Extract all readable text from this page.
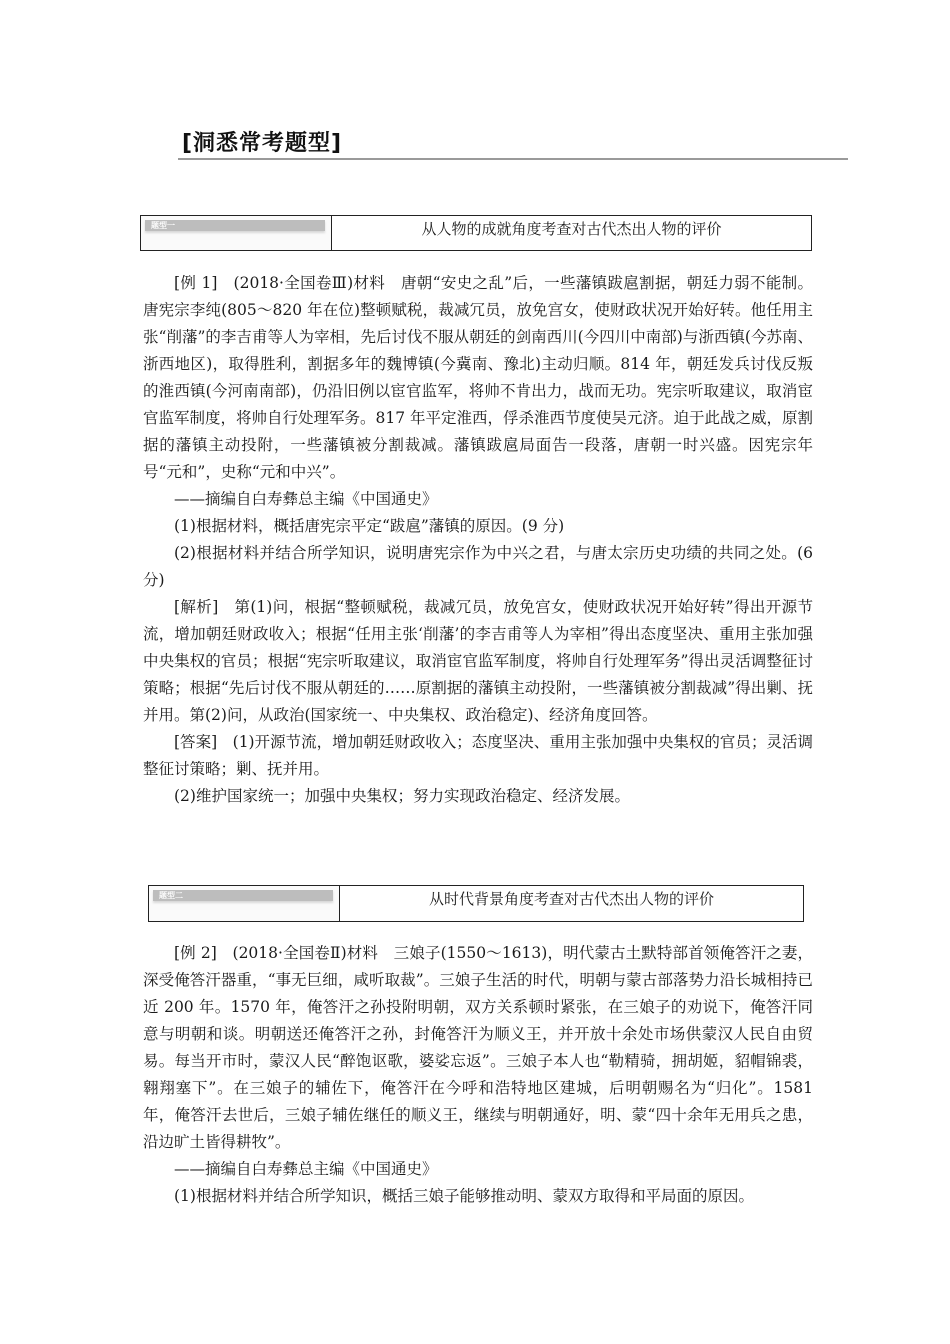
[洞悉常考题型]
题型一	从人物的成就角度考查对古代杰出人物的评价

[例 1]　(2018·全国卷Ⅲ)材料　唐朝“安史之乱”后，一些藩镇跋扈割据，朝廷力弱不能制。唐宪宗李纯(805～820 年在位)整顿赋税，裁减冗员，放免宫女，使财政状况开始好转。他任用主张“削藩”的李吉甫等人为宰相，先后讨伐不服从朝廷的剑南西川(今四川中南部)与浙西镇(今苏南、浙西地区)，取得胜利，割据多年的魏博镇(今冀南、豫北)主动归顺。814 年，朝廷发兵讨伐反叛的淮西镇(今河南南部)，仍沿旧例以宦官监军，将帅不肯出力，战而无功。宪宗听取建议，取消宦官监军制度，将帅自行处理军务。817 年平定淮西，俘杀淮西节度使吴元济。迫于此战之威，原割据的藩镇主动投附，一些藩镇被分割裁减。藩镇跋扈局面告一段落，唐朝一时兴盛。因宪宗年号“元和”，史称“元和中兴”。

——摘编自白寿彝总主编《中国通史》

(1)根据材料，概括唐宪宗平定“跋扈”藩镇的原因。(9 分)

(2)根据材料并结合所学知识，说明唐宪宗作为中兴之君，与唐太宗历史功绩的共同之处。(6 分)

[解析]　第(1)问，根据“整顿赋税，裁减冗员，放免宫女，使财政状况开始好转”得出开源节流，增加朝廷财政收入；根据“任用主张‘削藩’的李吉甫等人为宰相”得出态度坚决、重用主张加强中央集权的官员；根据“宪宗听取建议，取消宦官监军制度，将帅自行处理军务”得出灵活调整征讨策略；根据“先后讨伐不服从朝廷的……原割据的藩镇主动投附，一些藩镇被分割裁减”得出剿、抚并用。第(2)问，从政治(国家统一、中央集权、政治稳定)、经济角度回答。

[答案]　(1)开源节流，增加朝廷财政收入；态度坚决、重用主张加强中央集权的官员；灵活调整征讨策略；剿、抚并用。

(2)维护国家统一；加强中央集权；努力实现政治稳定、经济发展。

题型二	从时代背景角度考查对古代杰出人物的评价

[例 2]　(2018·全国卷Ⅱ)材料　三娘子(1550～1613)，明代蒙古土默特部首领俺答汗之妻，深受俺答汗器重，“事无巨细，咸听取裁”。三娘子生活的时代，明朝与蒙古部落势力沿长城相持已近 200 年。1570 年，俺答汗之孙投附明朝，双方关系顿时紧张，在三娘子的劝说下，俺答汗同意与明朝和谈。明朝送还俺答汗之孙，封俺答汗为顺义王，并开放十余处市场供蒙汉人民自由贸易。每当开市时，蒙汉人民“醉饱讴歌，婆娑忘返”。三娘子本人也“勒精骑，拥胡姬，貂帽锦裘，翱翔塞下”。在三娘子的辅佐下，俺答汗在今呼和浩特地区建城，后明朝赐名为“归化”。1581 年，俺答汗去世后，三娘子辅佐继任的顺义王，继续与明朝通好，明、蒙“四十余年无用兵之患，沿边旷土皆得耕牧”。

——摘编自白寿彝总主编《中国通史》

(1)根据材料并结合所学知识，概括三娘子能够推动明、蒙双方取得和平局面的原因。
